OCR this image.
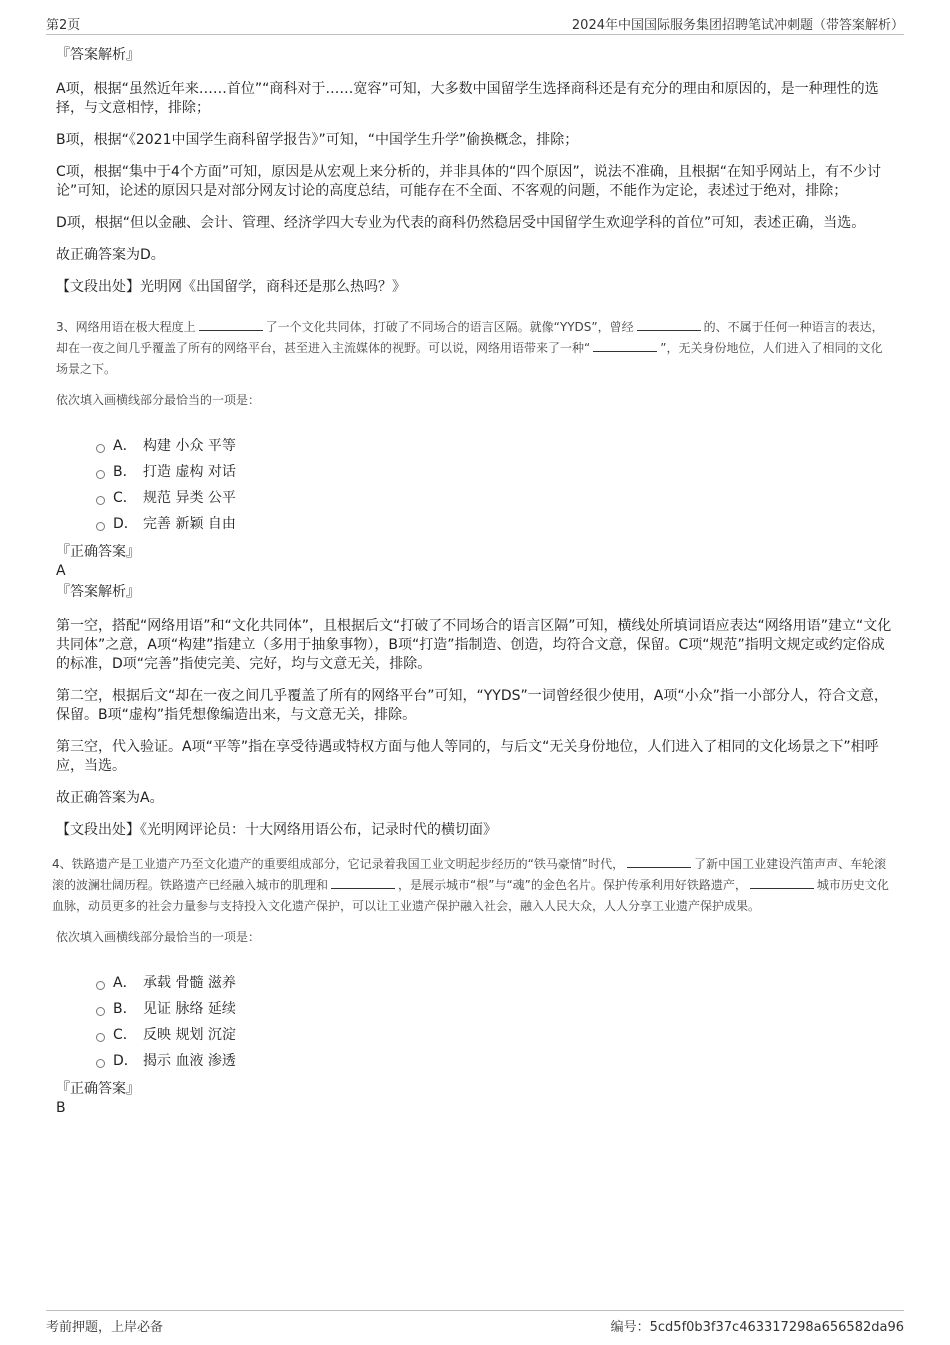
第2页	2024年中国国际服务集团招聘笔试冲刺题（带答案解析）
『答案解析』
A项，根据“虽然近年来……首位”“商科对于……宽容”可知，大多数中国留学生选择商科还是有充分的理由和原因的，是一种理性的选择，与文意相悖，排除；
B项，根据“《2021中国学生商科留学报告》”可知，“中国学生升学”偷换概念，排除；
C项，根据“集中于4个方面”可知，原因是从宏观上来分析的，并非具体的“四个原因”，说法不准确，且根据“在知乎网站上，有不少讨论”可知，论述的原因只是对部分网友讨论的高度总结，可能存在不全面、不客观的问题，不能作为定论，表述过于绝对，排除；
D项，根据“但以金融、会计、管理、经济学四大专业为代表的商科仍然稳居受中国留学生欢迎学科的首位”可知，表述正确，当选。
故正确答案为D。
【文段出处】光明网《出国留学，商科还是那么热吗？》
3、网络用语在极大程度上	了一个文化共同体，打破了不同场合的语言区隔。就像“YYDS”，曾经	的、不属于任何一种语言的表达，却在一夜之间几乎覆盖了所有的网络平台，甚至进入主流媒体的视野。可以说，网络用语带来了一种“	”，无关身份地位，人们进入了相同的文化场景之下。
依次填入画横线部分最恰当的一项是：
A． 构建 小众 平等
B． 打造 虚构 对话
C． 规范 异类 公平
D． 完善 新颖 自由
『正确答案』
A
『答案解析』
第一空，搭配“网络用语”和“文化共同体”，且根据后文“打破了不同场合的语言区隔”可知，横线处所填词语应表达“网络用语”建立“文化共同体”之意，A项“构建”指建立（多用于抽象事物），B项“打造”指制造、创造，均符合文意，保留。C项“规范”指明文规定或约定俗成的标准，D项“完善”指使完美、完好，均与文意无关，排除。
第二空，根据后文“却在一夜之间几乎覆盖了所有的网络平台”可知，“YYDS”一词曾经很少使用，A项“小众”指一小部分人，符合文意，保留。B项“虚构”指凭想像编造出来，与文意无关，排除。
第三空，代入验证。A项“平等”指在享受待遇或特权方面与他人等同的，与后文“无关身份地位，人们进入了相同的文化场景之下”相呼应，当选。
故正确答案为A。
【文段出处】《光明网评论员：十大网络用语公布，记录时代的横切面》
4、铁路遗产是工业遗产乃至文化遗产的重要组成部分，它记录着我国工业文明起步经历的“铁马豪情”时代，	了新中国工业建设汽笛声声、车轮滚滚的波澜壮阔历程。铁路遗产已经融入城市的肌理和	，是展示城市“根”与“魂”的金色名片。保护传承利用好铁路遗产，	城市历史文化血脉，动员更多的社会力量参与支持投入文化遗产保护，可以让工业遗产保护融入社会，融入人民大众，人人分享工业遗产保护成果。
依次填入画横线部分最恰当的一项是：
A． 承载 骨髓 滋养
B． 见证 脉络 延续
C． 反映 规划 沉淀
D． 揭示 血液 渗透
『正确答案』
B
考前押题，上岸必备	编号：5cd5f0b3f37c463317298a656582da96
